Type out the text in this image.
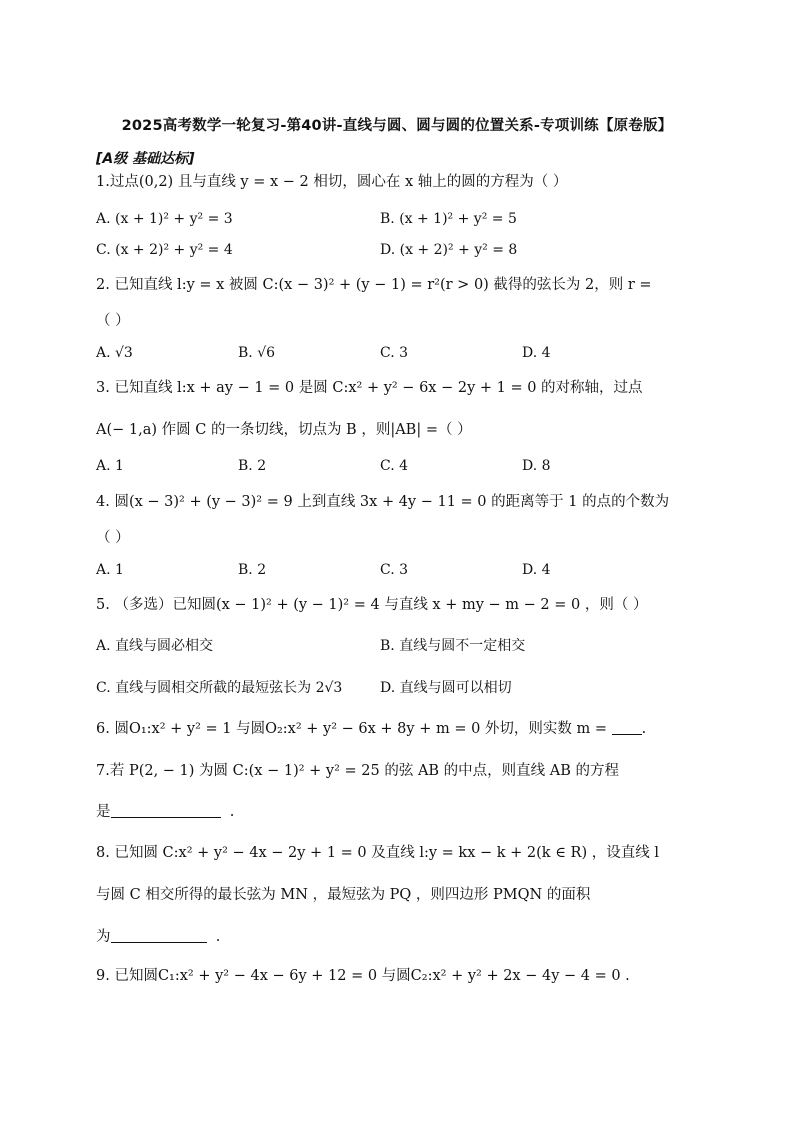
2025高考数学一轮复习-第40讲-直线与圆、圆与圆的位置关系-专项训练【原卷版】
[A级 基础达标]
1.过点(0,2) 且与直线 y = x − 2 相切，圆心在 x 轴上的圆的方程为（ ）
A. (x + 1)² + y² = 3	B. (x + 1)² + y² = 5
C. (x + 2)² + y² = 4	D. (x + 2)² + y² = 8
2. 已知直线 l:y = x 被圆 C:(x − 3)² + (y − 1) = r²(r > 0) 截得的弦长为 2，则 r =
（ ）
A. √3	B. √6	C. 3	D. 4
3. 已知直线 l:x + ay − 1 = 0 是圆 C:x² + y² − 6x − 2y + 1 = 0 的对称轴，过点
A(− 1,a) 作圆 C 的一条切线，切点为 B ，则|AB| =（ ）
A. 1	B. 2	C. 4	D. 8
4. 圆(x − 3)² + (y − 3)² = 9 上到直线 3x + 4y − 11 = 0 的距离等于 1 的点的个数为
（ ）
A. 1	B. 2	C. 3	D. 4
5. （多选）已知圆(x − 1)² + (y − 1)² = 4 与直线 x + my − m − 2 = 0 ，则（ ）
A. 直线与圆必相交	B. 直线与圆不一定相交
C. 直线与圆相交所截的最短弦长为 2√3	D. 直线与圆可以相切
6. 圆O₁:x² + y² = 1 与圆O₂:x² + y² − 6x + 8y + m = 0 外切，则实数 m = .
7.若 P(2, − 1) 为圆 C:(x − 1)² + y² = 25 的弦 AB 的中点，则直线 AB 的方程
是	.
8. 已知圆 C:x² + y² − 4x − 2y + 1 = 0 及直线 l:y = kx − k + 2(k ∈ R) ，设直线 l
与圆 C 相交所得的最长弦为 MN ，最短弦为 PQ ，则四边形 PMQN 的面积
为	.
9. 已知圆C₁:x² + y² − 4x − 6y + 12 = 0 与圆C₂:x² + y² + 2x − 4y − 4 = 0 .
